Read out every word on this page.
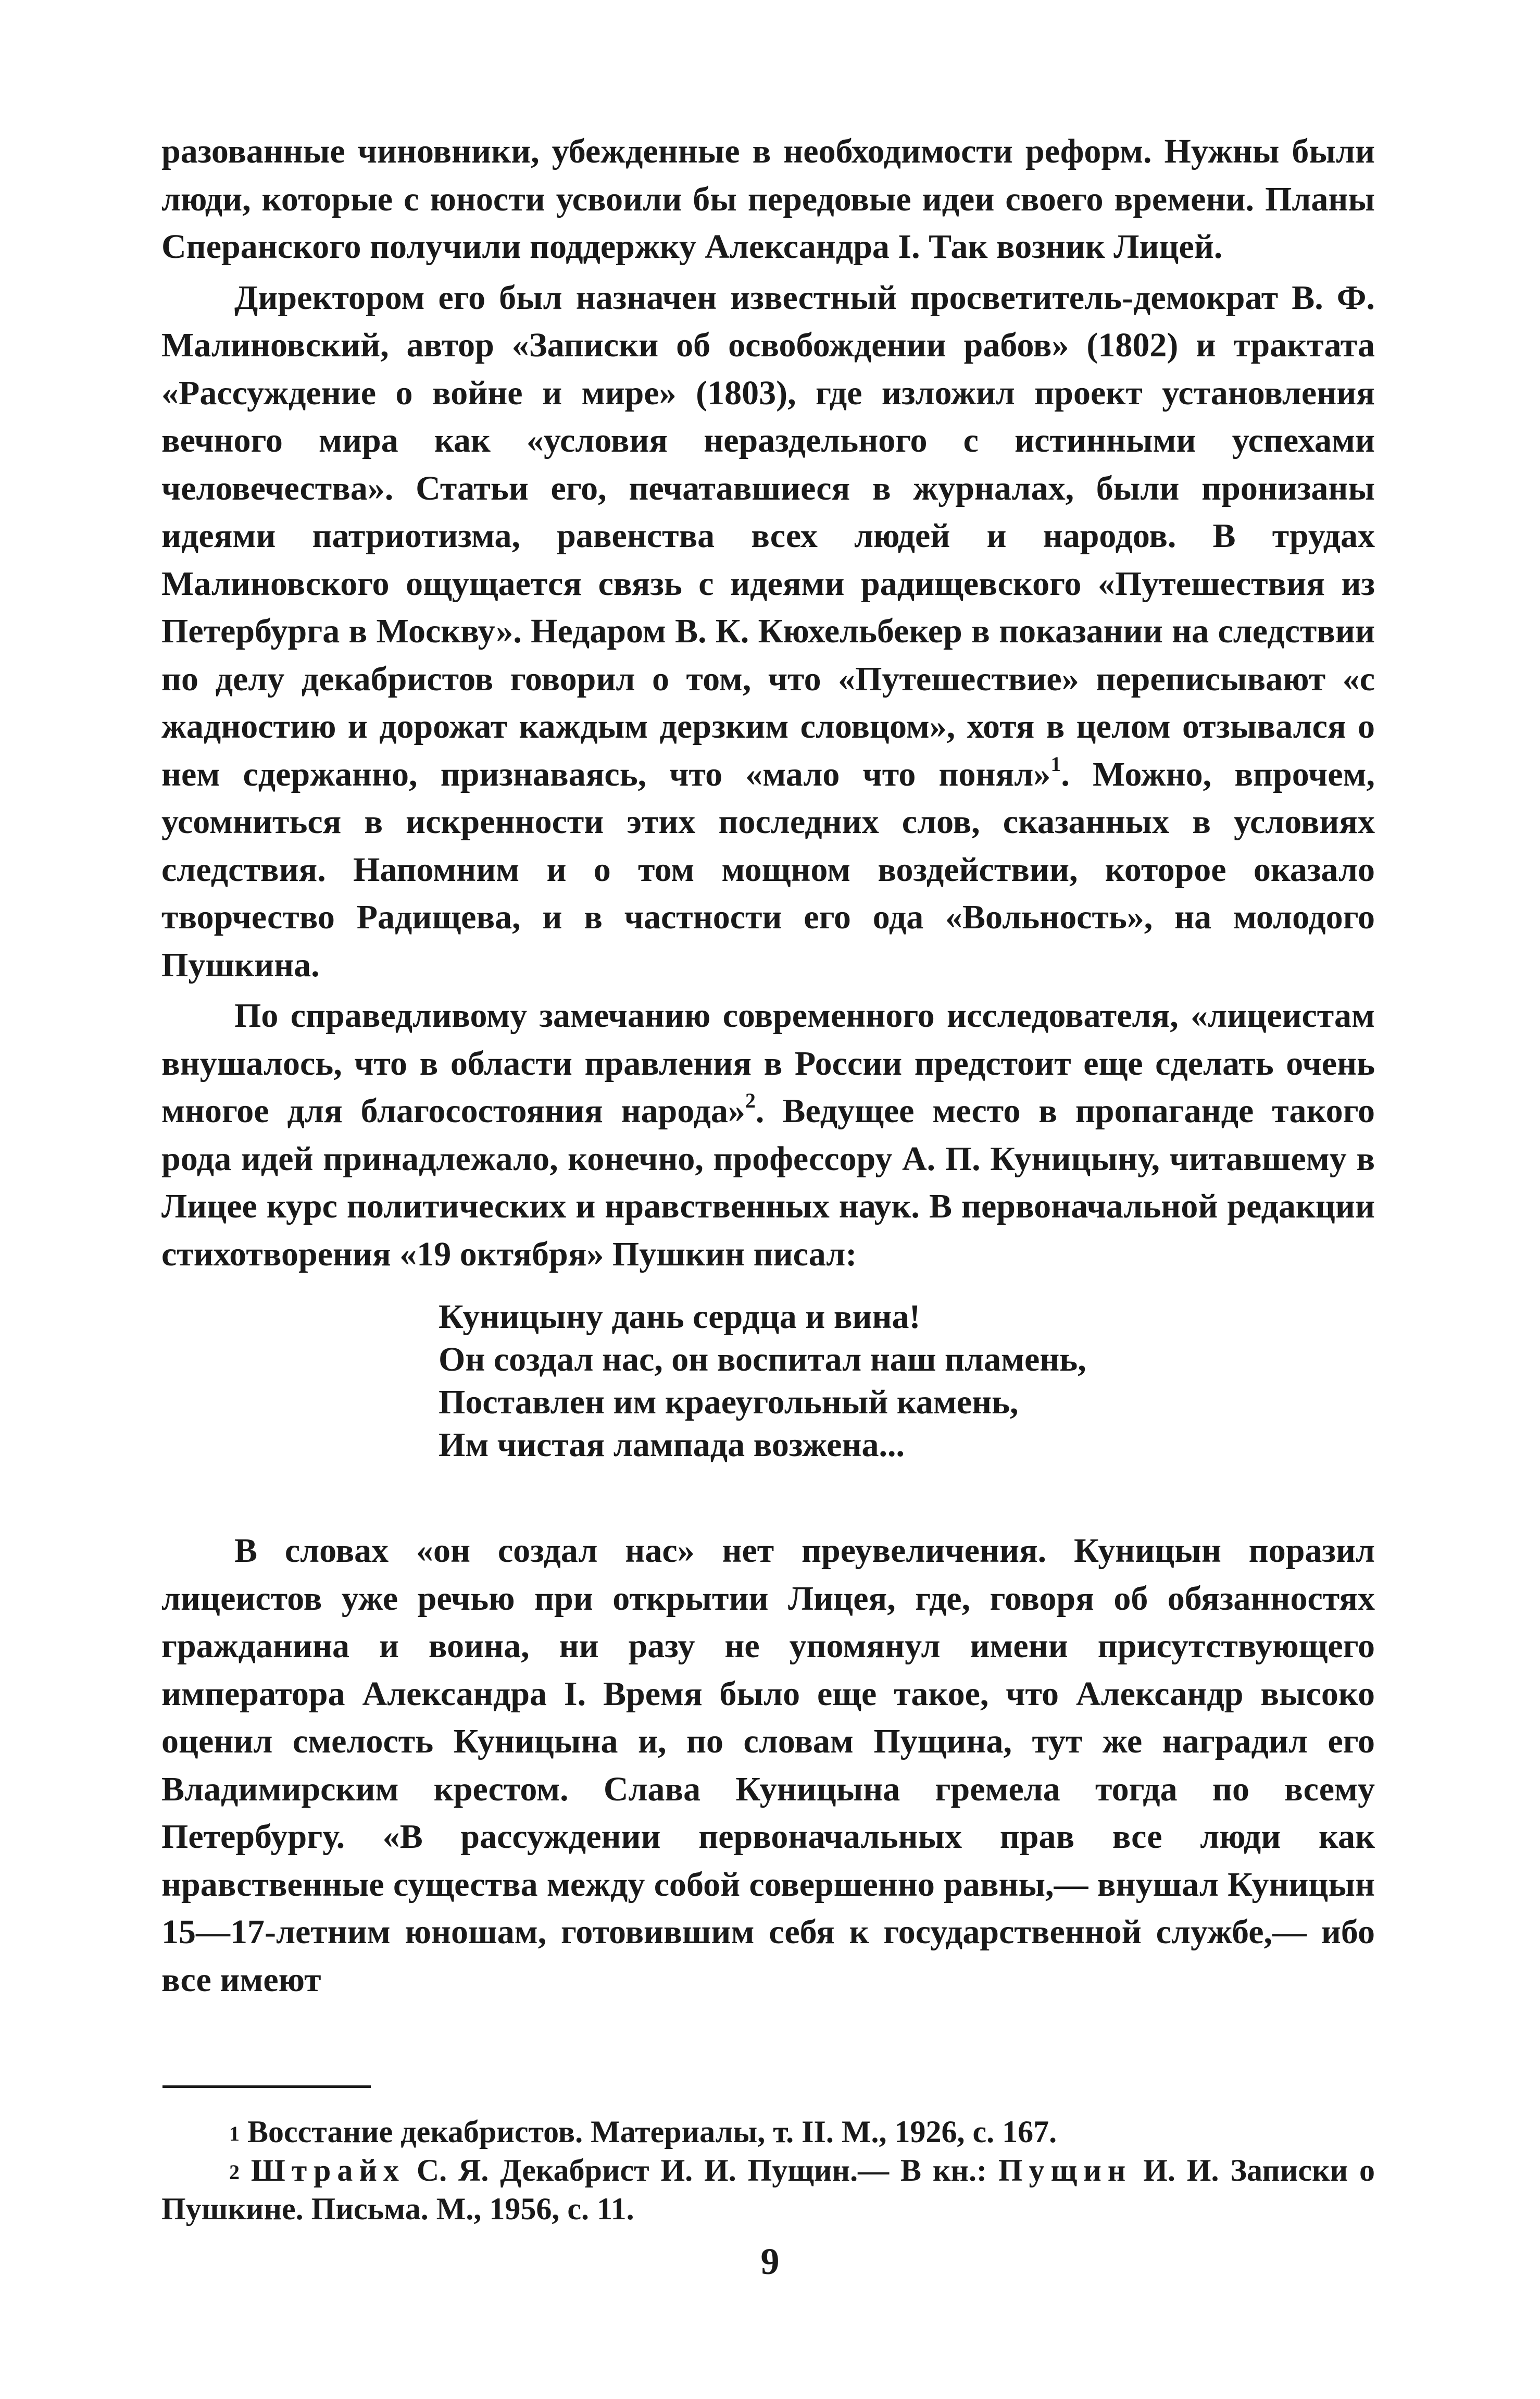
разованные чиновники, убежденные в необходимости реформ. Нужны были люди, которые с юности усвоили бы передовые идеи своего времени. Планы Сперанского получили поддержку Александра I. Так возник Лицей.

Директором его был назначен известный просветитель-демократ В. Ф. Малиновский, автор «Записки об освобождении рабов» (1802) и трактата «Рассуждение о войне и мире» (1803), где изложил проект установления вечного мира как «условия нераздельного с истинными успехами человечества». Статьи его, печатавшиеся в журналах, были пронизаны идеями патриотизма, равенства всех людей и народов. В трудах Малиновского ощущается связь с идеями радищевского «Путешествия из Петербурга в Москву». Недаром В. К. Кюхельбекер в показании на следствии по делу декабристов говорил о том, что «Путешествие» переписывают «с жадностию и дорожат каждым дерзким словцом», хотя в целом отзывался о нем сдержанно, признаваясь, что «мало что понял»$^1$. Можно, впрочем, усомниться в искренности этих последних слов, сказанных в условиях следствия. Напомним и о том мощном воздействии, которое оказало творчество Радищева, и в частности его ода «Вольность», на молодого Пушкина.

По справедливому замечанию современного исследователя, «лицеистам внушалось, что в области правления в России предстоит еще сделать очень многое для благосостояния народа»$^2$. Ведущее место в пропаганде такого рода идей принадлежало, конечно, профессору А. П. Куницыну, читавшему в Лицее курс политических и нравственных наук. В первоначальной редакции стихотворения «19 октября» Пушкин писал:

Куницыну дань сердца и вина!
Он создал нас, он воспитал наш пламень,
Поставлен им краеугольный камень,
Им чистая лампада возжена...

В словах «он создал нас» нет преувеличения. Куницын поразил лицеистов уже речью при открытии Лицея, где, говоря об обязанностях гражданина и воина, ни разу не упомянул имени присутствующего императора Александра I. Время было еще такое, что Александр высоко оценил смелость Куницына и, по словам Пущина, тут же наградил его Владимирским крестом. Слава Куницына гремела тогда по всему Петербургу. «В рассуждении первоначальных прав все люди как нравственные существа между собой совершенно равны,— внушал Куницын 15—17-летним юношам, готовившим себя к государственной службе,— ибо все имеют

$^1$ Восстание декабристов. Материалы, т. II. М., 1926, с. 167.

$^2$ Штрайх С. Я. Декабрист И. И. Пущин.— В кн.: Пущин И. И. Записки о Пушкине. Письма. М., 1956, с. 11.

9
